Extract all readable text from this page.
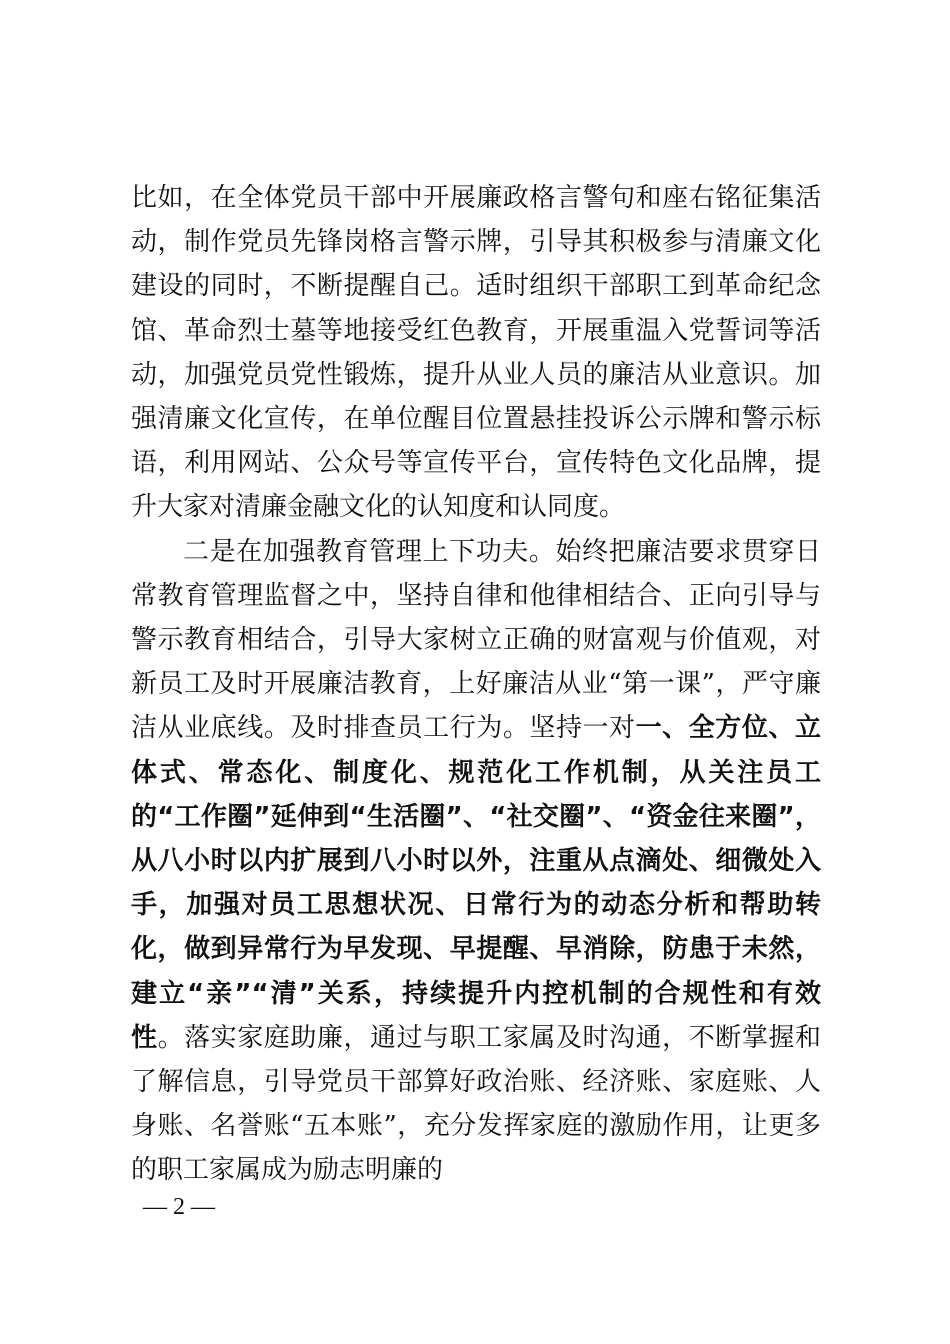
比如，在全体党员干部中开展廉政格言警句和座右铭征集活动，制作党员先锋岗格言警示牌，引导其积极参与清廉文化建设的同时，不断提醒自己。适时组织干部职工到革命纪念馆、革命烈士墓等地接受红色教育，开展重温入党誓词等活动，加强党员党性锻炼，提升从业人员的廉洁从业意识。加强清廉文化宣传，在单位醒目位置悬挂投诉公示牌和警示标语，利用网站、公众号等宣传平台，宣传特色文化品牌，提升大家对清廉金融文化的认知度和认同度。

二是在加强教育管理上下功夫。始终把廉洁要求贯穿日常教育管理监督之中，坚持自律和他律相结合、正向引导与警示教育相结合，引导大家树立正确的财富观与价值观，对新员工及时开展廉洁教育，上好廉洁从业“第一课”，严守廉洁从业底线。及时排查员工行为。坚持一对一、全方位、立体式、常态化、制度化、规范化工作机制，从关注员工的“工作圈”延伸到“生活圈”、“社交圈”、“资金往来圈”，从八小时以内扩展到八小时以外，注重从点滴处、细微处入手，加强对员工思想状况、日常行为的动态分析和帮助转化，做到异常行为早发现、早提醒、早消除，防患于未然，建立“亲”“清”关系，持续提升内控机制的合规性和有效性。落实家庭助廉，通过与职工家属及时沟通，不断掌握和了解信息，引导党员干部算好政治账、经济账、家庭账、人身账、名誉账“五本账”，充分发挥家庭的激励作用，让更多的职工家属成为励志明廉的

— 2 —
